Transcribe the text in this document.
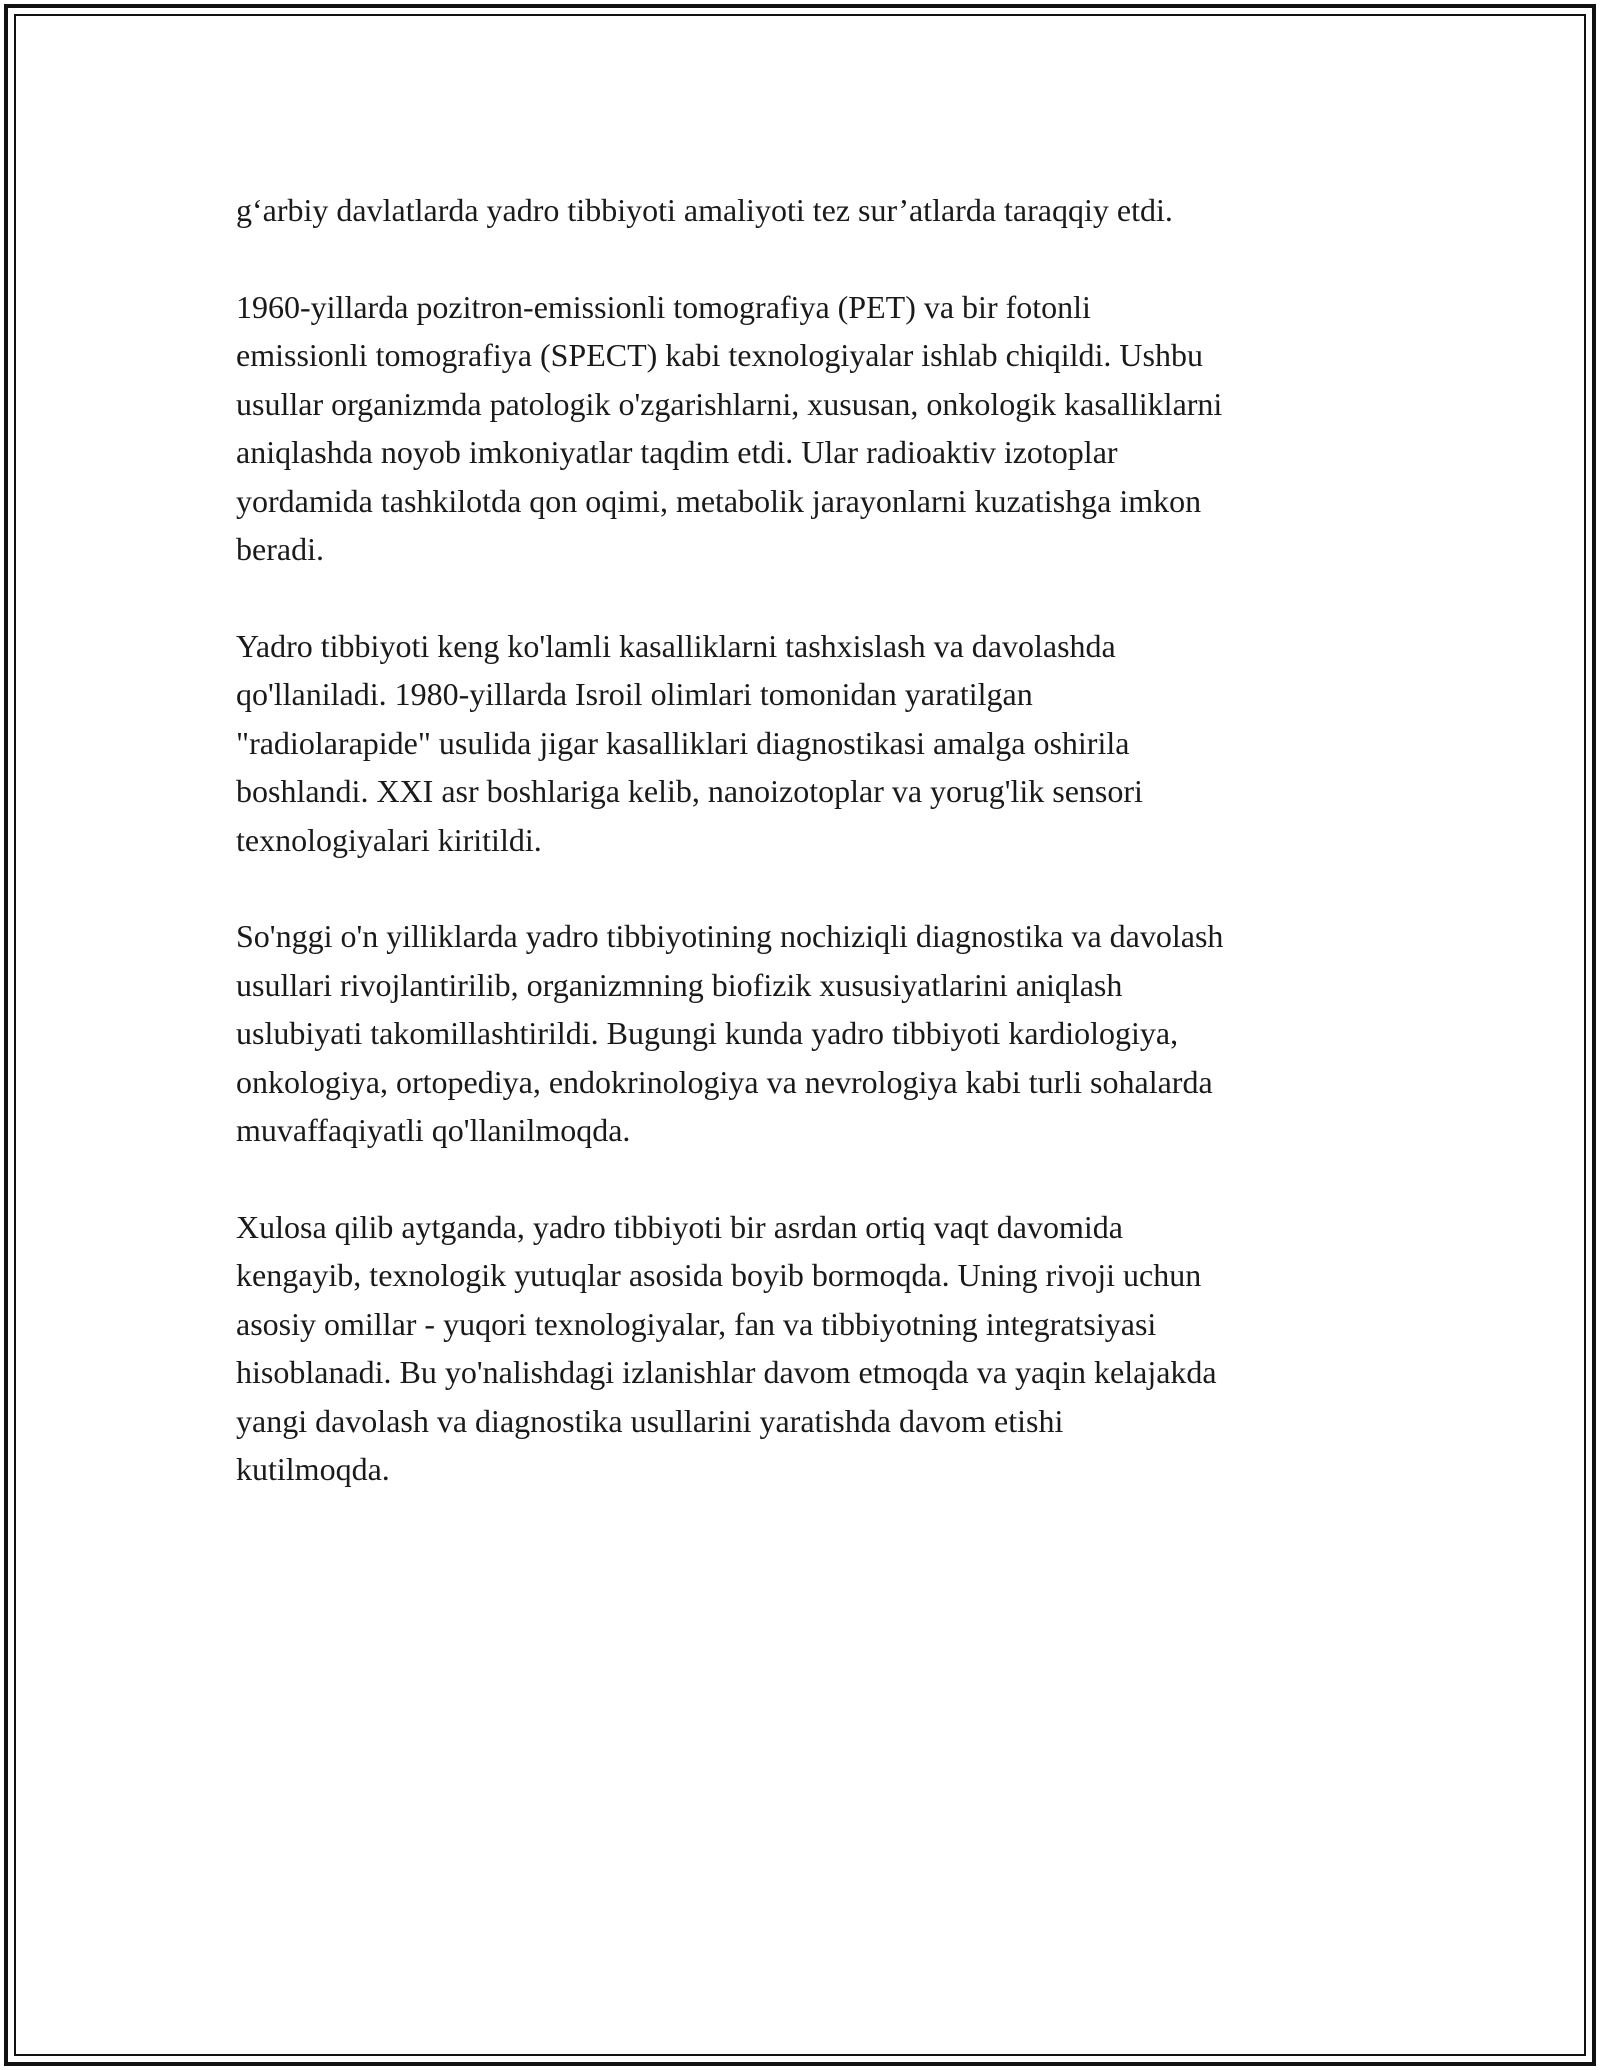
g‘arbiy davlatlarda yadro tibbiyoti amaliyoti tez sur’atlarda taraqqiy etdi.

1960-yillarda pozitron-emissionli tomografiya (PET) va bir fotonli
emissionli tomografiya (SPECT) kabi texnologiyalar ishlab chiqildi. Ushbu
usullar organizmda patologik o'zgarishlarni, xususan, onkologik kasalliklarni
aniqlashda noyob imkoniyatlar taqdim etdi. Ular radioaktiv izotoplar
yordamida tashkilotda qon oqimi, metabolik jarayonlarni kuzatishga imkon
beradi.

Yadro tibbiyoti keng ko'lamli kasalliklarni tashxislash va davolashda
qo'llaniladi. 1980-yillarda Isroil olimlari tomonidan yaratilgan
"radiolarapide" usulida jigar kasalliklari diagnostikasi amalga oshirila
boshlandi. XXI asr boshlariga kelib, nanoizotoplar va yorug'lik sensori
texnologiyalari kiritildi.

So'nggi o'n yilliklarda yadro tibbiyotining nochiziqli diagnostika va davolash
usullari rivojlantirilib, organizmning biofizik xususiyatlarini aniqlash
uslubiyati takomillashtirildi. Bugungi kunda yadro tibbiyoti kardiologiya,
onkologiya, ortopediya, endokrinologiya va nevrologiya kabi turli sohalarda
muvaffaqiyatli qo'llanilmoqda.

Xulosa qilib aytganda, yadro tibbiyoti bir asrdan ortiq vaqt davomida
kengayib, texnologik yutuqlar asosida boyib bormoqda. Uning rivoji uchun
asosiy omillar - yuqori texnologiyalar, fan va tibbiyotning integratsiyasi
hisoblanadi. Bu yo'nalishdagi izlanishlar davom etmoqda va yaqin kelajakda
yangi davolash va diagnostika usullarini yaratishda davom etishi
kutilmoqda.
